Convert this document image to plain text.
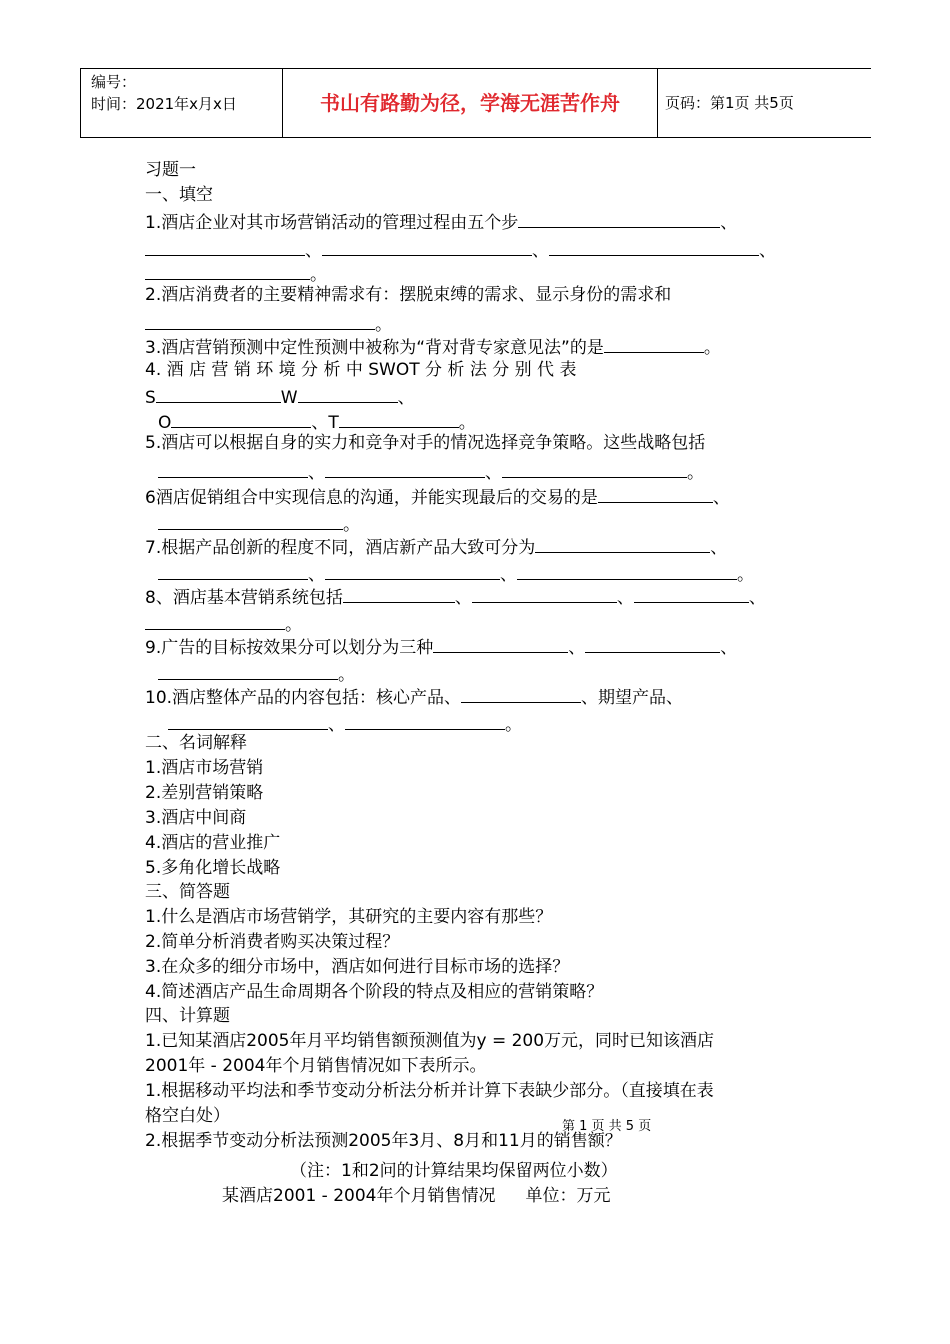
编号：
时间：2021年x月x日	书山有路勤为径，学海无涯苦作舟	页码：第1页 共5页
习题一
一、填空
1.酒店企业对其市场营销活动的管理过程由五个步	、
、	、	、
。
2.酒店消费者的主要精神需求有：摆脱束缚的需求、显示身份的需求和
。
3.酒店营销预测中定性预测中被称为“背对背专家意见法”的是	。
4. 酒 店 营 销 环 境 分 析 中 SWOT 分 析 法 分 别 代 表
S	W	、
O	、T	。
5.酒店可以根据自身的实力和竞争对手的情况选择竞争策略。这些战略包括
、	、	。
6酒店促销组合中实现信息的沟通，并能实现最后的交易的是	、
。
7.根据产品创新的程度不同，酒店新产品大致可分为	、
、	、	。
8、酒店基本营销系统包括	、	、	、
。
9.广告的目标按效果分可以划分为三种	、	、
。
10.酒店整体产品的内容包括：核心产品、	、期望产品、
、	。
二、名词解释
1.酒店市场营销
2.差别营销策略
3.酒店中间商
4.酒店的营业推广
5.多角化增长战略
三、简答题
1.什么是酒店市场营销学，其研究的主要内容有那些？
2.简单分析消费者购买决策过程？
3.在众多的细分市场中，酒店如何进行目标市场的选择？
4.简述酒店产品生命周期各个阶段的特点及相应的营销策略？
四、计算题
1.已知某酒店2005年月平均销售额预测值为y = 200万元，同时已知该酒店
2001年 - 2004年个月销售情况如下表所示。
1.根据移动平均法和季节变动分析法分析并计算下表缺少部分。（直接填在表
格空白处）
2.根据季节变动分析法预测2005年3月、8月和11月的销售额？
（注：1和2问的计算结果均保留两位小数）
某酒店2001 - 2004年个月销售情况 单位：万元
第 1 页 共 5 页
